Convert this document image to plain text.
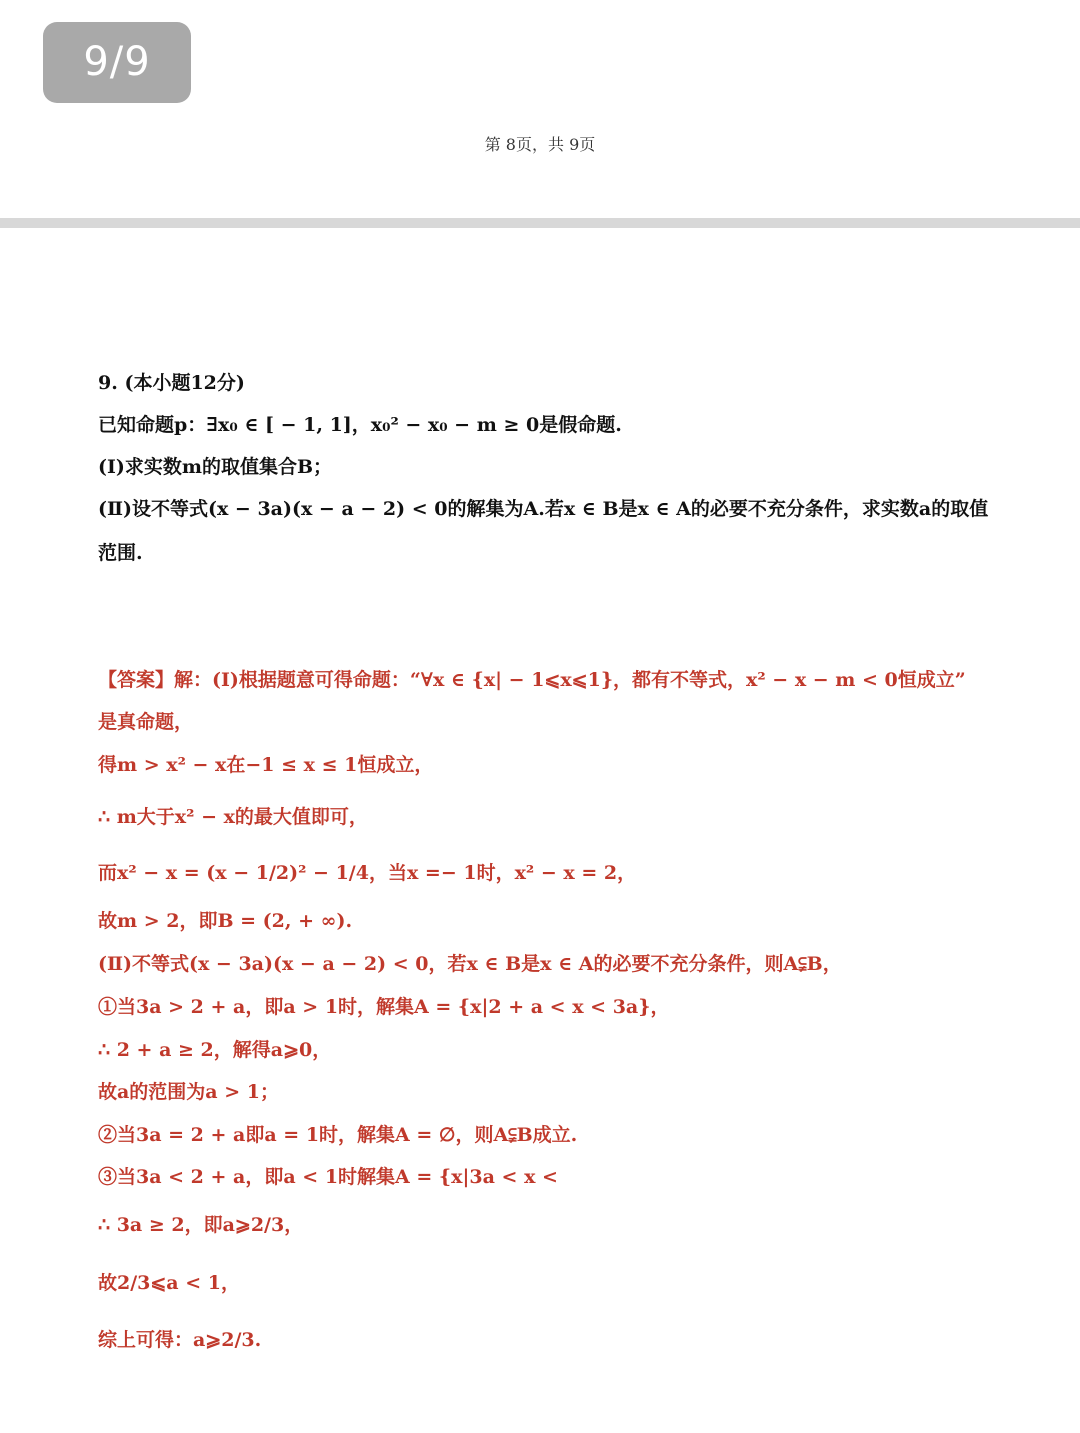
9/9
第 8页，共 9页
9. (本小题12分)
已知命题p：∃x₀ ∈ [ − 1, 1]，x₀² − x₀ − m ≥ 0是假命题.
(Ⅰ)求实数m的取值集合B；
(Ⅱ)设不等式(x − 3a)(x − a − 2) < 0的解集为A.若x ∈ B是x ∈ A的必要不充分条件，求实数a的取值
范围.
【答案】解：(Ⅰ)根据题意可得命题：“∀x ∈ {x| − 1⩽x⩽1}，都有不等式，x² − x − m < 0恒成立”
是真命题，
得m > x² − x在−1 ≤ x ≤ 1恒成立，
∴ m大于x² − x的最大值即可，
而x² − x = (x − 1/2)² − 1/4，当x =− 1时，x² − x = 2，
故m > 2，即B = (2, + ∞).
(Ⅱ)不等式(x − 3a)(x − a − 2) < 0，若x ∈ B是x ∈ A的必要不充分条件，则A⫋B，
①当3a > 2 + a，即a > 1时，解集A = {x|2 + a < x < 3a}，
∴ 2 + a ≥ 2，解得a⩾0，
故a的范围为a > 1；
②当3a = 2 + a即a = 1时，解集A = ∅，则A⫋B成立.
③当3a < 2 + a，即a < 1时解集A = {x|3a < x <
∴ 3a ≥ 2，即a⩾2/3，
故2/3⩽a < 1，
综上可得：a⩾2/3.
